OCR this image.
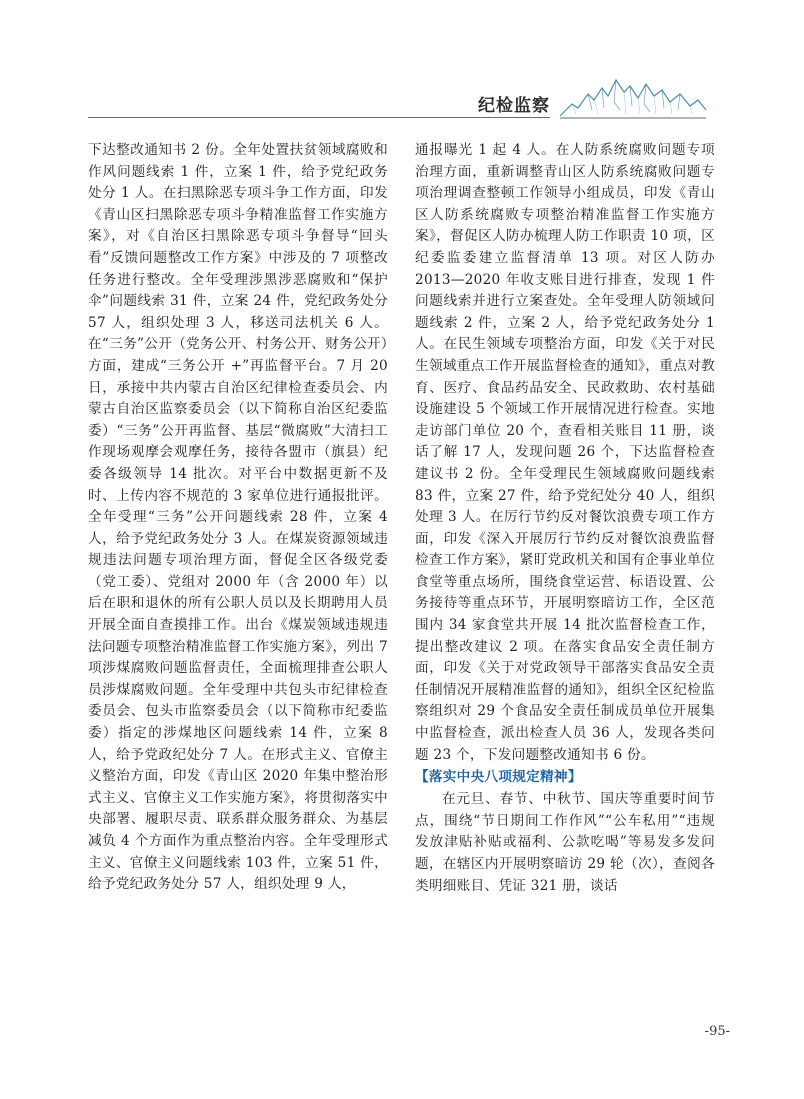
纪检监察

下达整改通知书 2 份。全年处置扶贫领域腐败和作风问题线索 1 件，立案 1 件，给予党纪政务处分 1 人。在扫黑除恶专项斗争工作方面，印发《青山区扫黑除恶专项斗争精准监督工作实施方案》，对《自治区扫黑除恶专项斗争督导“回头看”反馈问题整改工作方案》中涉及的 7 项整改任务进行整改。全年受理涉黑涉恶腐败和“保护伞”问题线索 31 件，立案 24 件，党纪政务处分 57 人，组织处理 3 人，移送司法机关 6 人。在“三务”公开（党务公开、村务公开、财务公开）方面，建成“三务公开 +”再监督平台。7 月 20 日，承接中共内蒙古自治区纪律检查委员会、内蒙古自治区监察委员会（以下简称自治区纪委监委）“三务”公开再监督、基层“微腐败”大清扫工作现场观摩会观摩任务，接待各盟市（旗县）纪委各级领导 14 批次。对平台中数据更新不及时、上传内容不规范的 3 家单位进行通报批评。全年受理“三务”公开问题线索 28 件，立案 4 人，给予党纪政务处分 3 人。在煤炭资源领域违规违法问题专项治理方面，督促全区各级党委（党工委）、党组对 2000 年（含 2000 年）以后在职和退休的所有公职人员以及长期聘用人员开展全面自查摸排工作。出台《煤炭领域违规违法问题专项整治精准监督工作实施方案》，列出 7 项涉煤腐败问题监督责任，全面梳理排查公职人员涉煤腐败问题。全年受理中共包头市纪律检查委员会、包头市监察委员会（以下简称市纪委监委）指定的涉煤地区问题线索 14 件，立案 8 人，给予党政纪处分 7 人。在形式主义、官僚主义整治方面，印发《青山区 2020 年集中整治形式主义、官僚主义工作实施方案》，将贯彻落实中央部署、履职尽责、联系群众服务群众、为基层减负 4 个方面作为重点整治内容。全年受理形式主义、官僚主义问题线索 103 件，立案 51 件，给予党纪政务处分 57 人，组织处理 9 人，

通报曝光 1 起 4 人。在人防系统腐败问题专项治理方面，重新调整青山区人防系统腐败问题专项治理调查整顿工作领导小组成员，印发《青山区人防系统腐败专项整治精准监督工作实施方案》，督促区人防办梳理人防工作职责 10 项，区纪委监委建立监督清单 13 项。对区人防办 2013—2020 年收支账目进行排查，发现 1 件问题线索并进行立案查处。全年受理人防领域问题线索 2 件，立案 2 人，给予党纪政务处分 1 人。在民生领域专项整治方面，印发《关于对民生领域重点工作开展监督检查的通知》，重点对教育、医疗、食品药品安全、民政救助、农村基础设施建设 5 个领域工作开展情况进行检查。实地走访部门单位 20 个，查看相关账目 11 册，谈话了解 17 人，发现问题 26 个，下达监督检查建议书 2 份。全年受理民生领域腐败问题线索 83 件，立案 27 件，给予党纪处分 40 人，组织处理 3 人。在厉行节约反对餐饮浪费专项工作方面，印发《深入开展厉行节约反对餐饮浪费监督检查工作方案》，紧盯党政机关和国有企事业单位食堂等重点场所，围绕食堂运营、标语设置、公务接待等重点环节，开展明察暗访工作，全区范围内 34 家食堂共开展 14 批次监督检查工作，提出整改建议 2 项。在落实食品安全责任制方面，印发《关于对党政领导干部落实食品安全责任制情况开展精准监督的通知》，组织全区纪检监察组织对 29 个食品安全责任制成员单位开展集中监督检查，派出检查人员 36 人，发现各类问题 23 个，下发问题整改通知书 6 份。

【落实中央八项规定精神】

在元旦、春节、中秋节、国庆等重要时间节点，围绕“节日期间工作作风”“公车私用”“违规发放津贴补贴或福利、公款吃喝”等易发多发问题，在辖区内开展明察暗访 29 轮（次），查阅各类明细账目、凭证 321 册，谈话

-95-
